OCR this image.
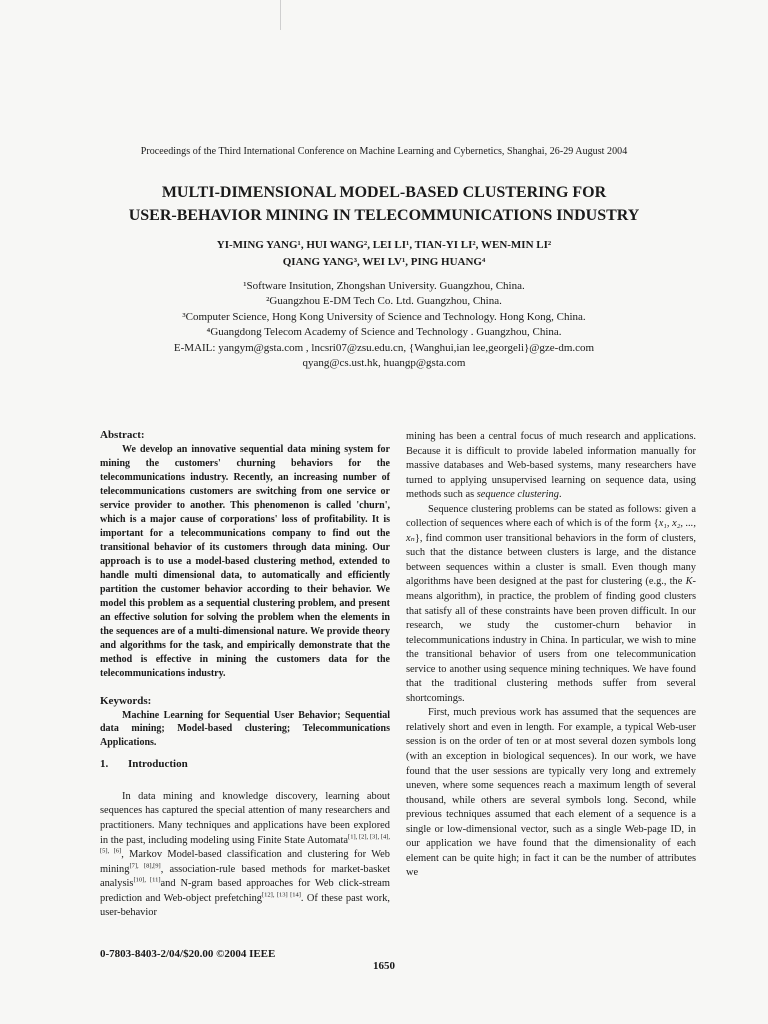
Proceedings of the Third International Conference on Machine Learning and Cybernetics, Shanghai, 26-29 August 2004
MULTI-DIMENSIONAL MODEL-BASED CLUSTERING FOR
USER-BEHAVIOR MINING IN TELECOMMUNICATIONS INDUSTRY
YI-MING YANG¹, HUI WANG², LEI LI¹, TIAN-YI LI², WEN-MIN LI²
QIANG YANG³, WEI LV¹, PING HUANG⁴
¹Software Insitution, Zhongshan University. Guangzhou, China.
²Guangzhou E-DM Tech Co. Ltd. Guangzhou, China.
³Computer Science, Hong Kong University of Science and Technology. Hong Kong, China.
⁴Guangdong Telecom Academy of Science and Technology . Guangzhou, China.
E-MAIL: yangym@gsta.com , lncsri07@zsu.edu.cn, {Wanghui,ian lee,georgeli}@gze-dm.com
qyang@cs.ust.hk, huangp@gsta.com
Abstract:

We develop an innovative sequential data mining system for mining the customers' churning behaviors for the telecommunications industry. Recently, an increasing number of telecommunications customers are switching from one service or service provider to another. This phenomenon is called 'churn', which is a major cause of corporations' loss of profitability. It is important for a telecommunications company to find out the transitional behavior of its customers through data mining. Our approach is to use a model-based clustering method, extended to handle multi dimensional data, to automatically and efficiently partition the customer behavior according to their behavior. We model this problem as a sequential clustering problem, and present an effective solution for solving the problem when the elements in the sequences are of a multi-dimensional nature. We provide theory and algorithms for the task, and empirically demonstrate that the method is effective in mining the customers data for the telecommunications industry.

Keywords:

Machine Learning for Sequential User Behavior; Sequential data mining; Model-based clustering; Telecommunications Applications.

1.	Introduction

In data mining and knowledge discovery, learning about sequences has captured the special attention of many researchers and practitioners. Many techniques and applications have been explored in the past, including modeling using Finite State Automata[1], [2], [3], [4], [5], [6], Markov Model-based classification and clustering for Web mining[7], [8],[9], association-rule based methods for market-basket analysis[10], [11]and N-gram based approaches for Web click-stream prediction and Web-object prefetching[12], [13] [14]. Of these past work, user-behavior

mining has been a central focus of much research and applications. Because it is difficult to provide labeled information manually for massive databases and Web-based systems, many researchers have turned to applying unsupervised learning on sequence data, using methods such as sequence clustering.

Sequence clustering problems can be stated as follows: given a collection of sequences where each of which is of the form {x₁, x₂, ..., xₙ}, find common user transitional behaviors in the form of clusters, such that the distance between clusters is large, and the distance between sequences within a cluster is small. Even though many algorithms have been designed at the past for clustering (e.g., the K-means algorithm), in practice, the problem of finding good clusters that satisfy all of these constraints have been proven difficult. In our research, we study the customer-churn behavior in telecommunications industry in China. In particular, we wish to mine the transitional behavior of users from one telecommunication service to another using sequence mining techniques. We have found that the traditional clustering methods suffer from several shortcomings.

First, much previous work has assumed that the sequences are relatively short and even in length. For example, a typical Web-user session is on the order of ten or at most several dozen symbols long (with an exception in biological sequences). In our work, we have found that the user sessions are typically very long and extremely uneven, where some sequences reach a maximum length of several thousand, while others are several symbols long. Second, while previous techniques assumed that each element of a sequence is a single or low-dimensional vector, such as a single Web-page ID, in our application we have found that the dimensionality of each element can be quite high; in fact it can be the number of attributes we

0-7803-8403-2/04/$20.00 ©2004 IEEE
1650
